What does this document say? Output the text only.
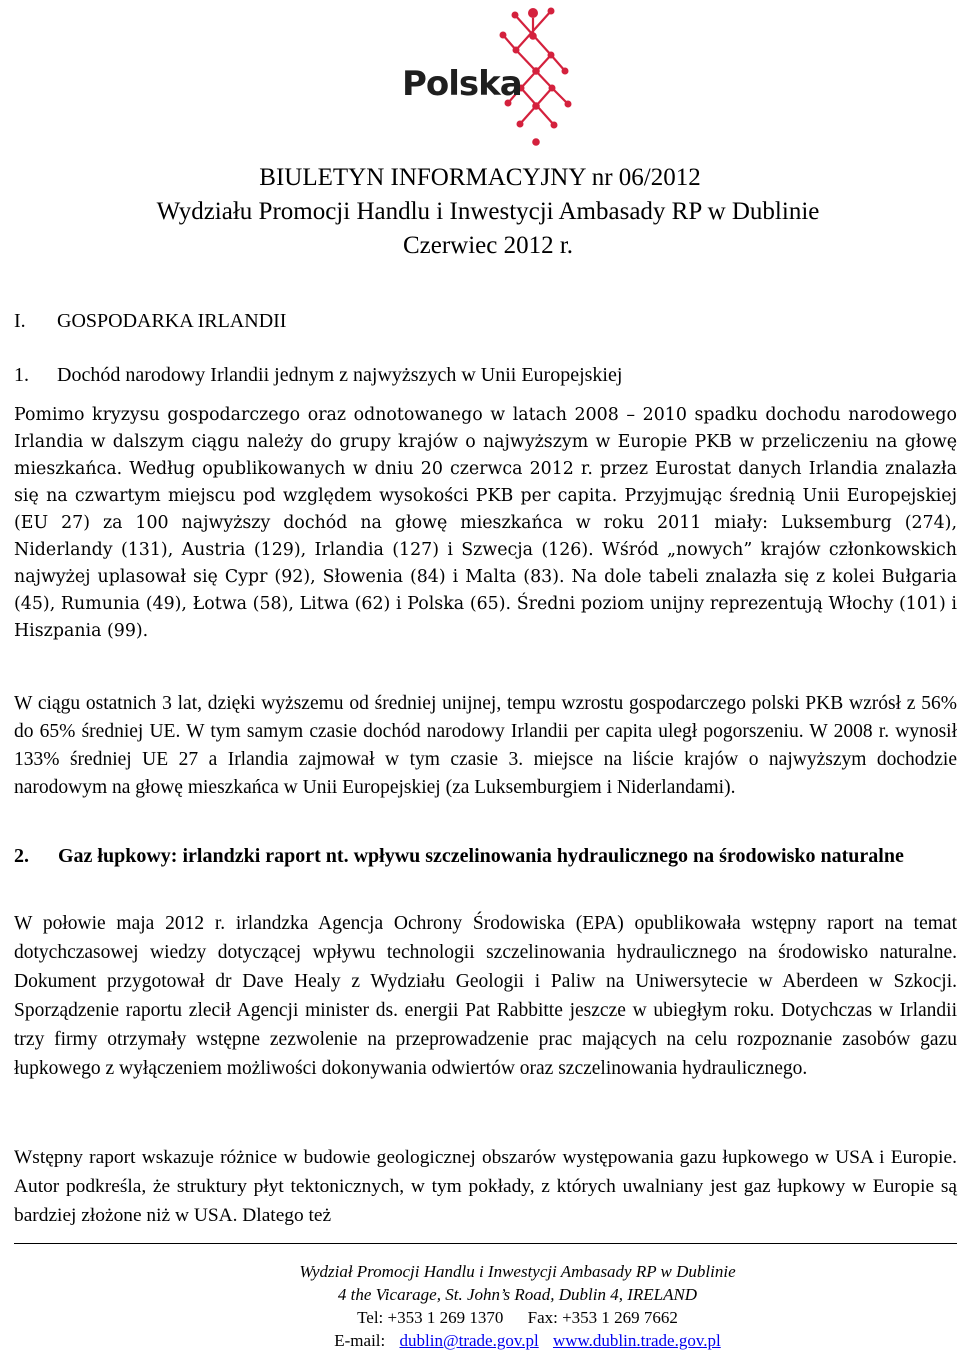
Polska
BIULETYN INFORMACYJNY nr 06/2012
Wydziału Promocji Handlu i Inwestycji Ambasady RP w Dublinie
Czerwiec 2012 r.
I. GOSPODARKA IRLANDII
1. Dochód narodowy Irlandii jednym z najwyższych w Unii Europejskiej

Pomimo kryzysu gospodarczego oraz odnotowanego w latach 2008 – 2010 spadku dochodu narodowego Irlandia w dalszym ciągu należy do grupy krajów o najwyższym w Europie PKB w przeliczeniu na głowę mieszkańca. Według opublikowanych w dniu 20 czerwca 2012 r. przez Eurostat danych Irlandia znalazła się na czwartym miejscu pod względem wysokości PKB per capita. Przyjmując średnią Unii Europejskiej (EU 27) za 100 najwyższy dochód na głowę mieszkańca w roku 2011 miały: Luksemburg (274), Niderlandy (131), Austria (129), Irlandia (127) i Szwecja (126). Wśród „nowych” krajów członkowskich najwyżej uplasował się Cypr (92), Słowenia (84) i Malta (83). Na dole tabeli znalazła się z kolei Bułgaria (45), Rumunia (49), Łotwa (58), Litwa (62) i Polska (65). Średni poziom unijny reprezentują Włochy (101) i Hiszpania (99).

W ciągu ostatnich 3 lat, dzięki wyższemu od średniej unijnej, tempu wzrostu gospodarczego polski PKB wzrósł z 56% do 65% średniej UE. W tym samym czasie dochód narodowy Irlandii per capita uległ pogorszeniu. W 2008 r. wynosił 133% średniej UE 27 a Irlandia zajmował w tym czasie 3. miejsce na liście krajów o najwyższym dochodzie narodowym na głowę mieszkańca w Unii Europejskiej (za Luksemburgiem i Niderlandami).

2. Gaz łupkowy: irlandzki raport nt. wpływu szczelinowania hydraulicznego na środowisko naturalne

W połowie maja 2012 r. irlandzka Agencja Ochrony Środowiska (EPA) opublikowała wstępny raport na temat dotychczasowej wiedzy dotyczącej wpływu technologii szczelinowania hydraulicznego na środowisko naturalne. Dokument przygotował dr Dave Healy z Wydziału Geologii i Paliw na Uniwersytecie w Aberdeen w Szkocji. Sporządzenie raportu zlecił Agencji minister ds. energii Pat Rabbitte jeszcze w ubiegłym roku. Dotychczas w Irlandii trzy firmy otrzymały wstępne zezwolenie na przeprowadzenie prac mających na celu rozpoznanie zasobów gazu łupkowego z wyłączeniem możliwości dokonywania odwiertów oraz szczelinowania hydraulicznego.

Wstępny raport wskazuje różnice w budowie geologicznej obszarów występowania gazu łupkowego w USA i Europie. Autor podkreśla, że struktury płyt tektonicznych, w tym pokłady, z których uwalniany jest gaz łupkowy w Europie są bardziej złożone niż w USA. Dlatego też

Wydział Promocji Handlu i Inwestycji Ambasady RP w Dublinie
4 the Vicarage, St. John’s Road, Dublin 4, IRELAND
Tel: +353 1 269 1370 Fax: +353 1 269 7662
E-mail: dublin@trade.gov.pl www.dublin.trade.gov.pl
